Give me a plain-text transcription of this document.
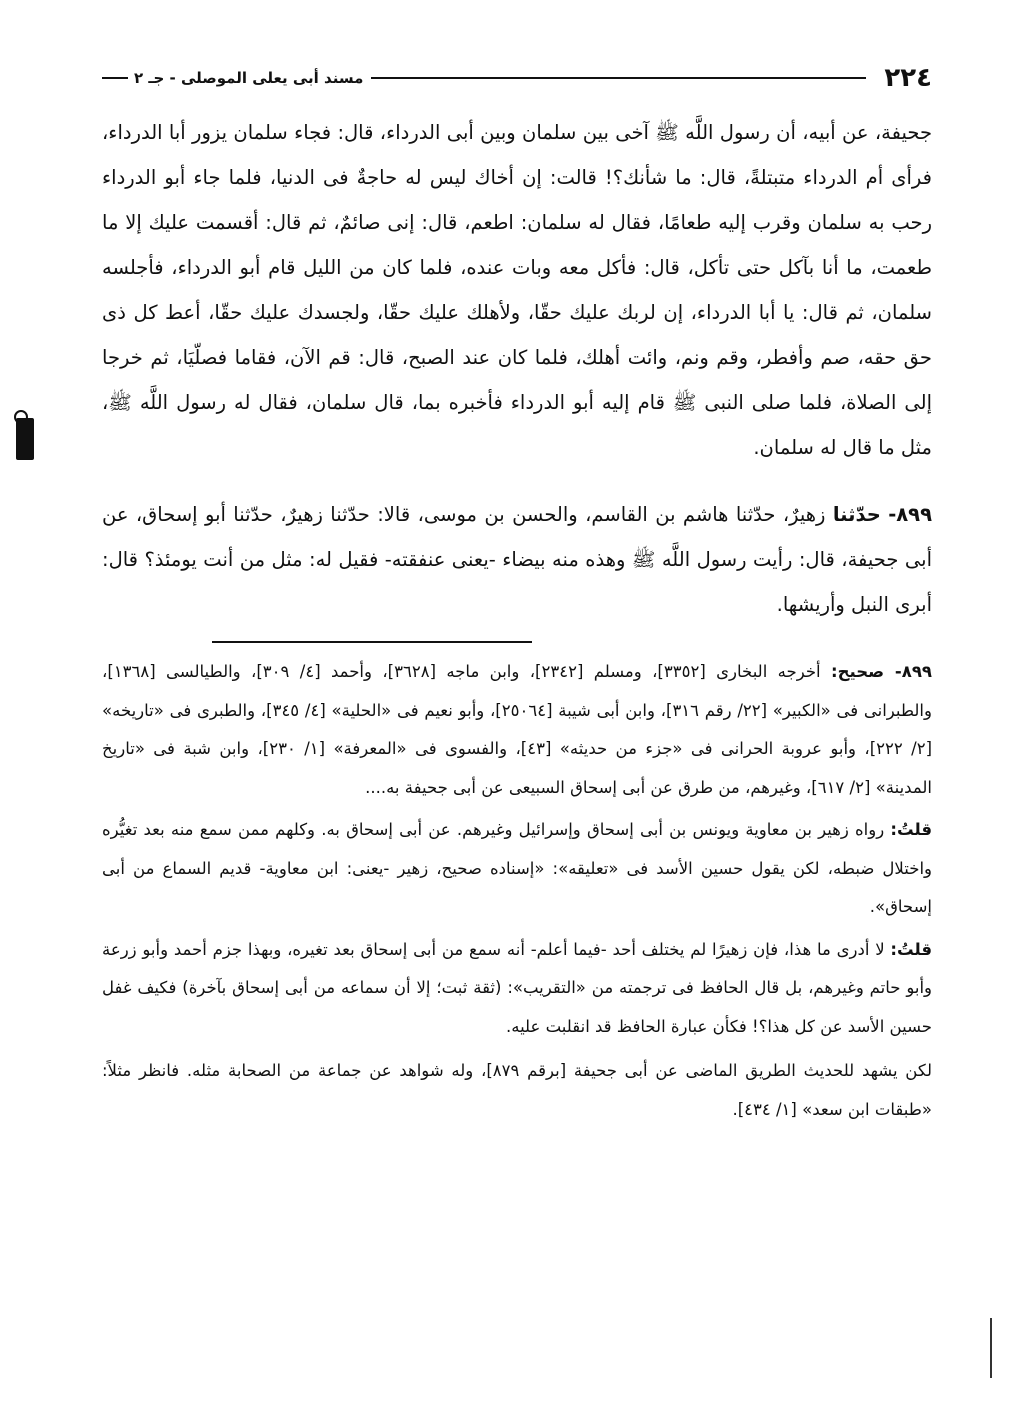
٢٢٤
مسند أبى يعلى الموصلى - جـ ٢

جحيفة، عن أبيه، أن رسول اللَّه ﷺ آخى بين سلمان وبين أبى الدرداء، قال: فجاء سلمان يزور أبا الدرداء، فرأى أم الدرداء متبتلةً، قال: ما شأنك؟! قالت: إن أخاك ليس له حاجةٌ فى الدنيا، فلما جاء أبو الدرداء رحب به سلمان وقرب إليه طعامًا، فقال له سلمان: اطعم، قال: إنى صائمٌ، ثم قال: أقسمت عليك إلا ما طعمت، ما أنا بآكل حتى تأكل، قال: فأكل معه وبات عنده، فلما كان من الليل قام أبو الدرداء، فأجلسه سلمان، ثم قال: يا أبا الدرداء، إن لربك عليك حقّا، ولأهلك عليك حقّا، ولجسدك عليك حقّا، أعط كل ذى حق حقه، صم وأفطر، وقم ونم، وائت أهلك، فلما كان عند الصبح، قال: قم الآن، فقاما فصلّيَا، ثم خرجا إلى الصلاة، فلما صلى النبى ﷺ قام إليه أبو الدرداء فأخبره بما، قال سلمان، فقال له رسول اللَّه ﷺ، مثل ما قال له سلمان.

٨٩٩- حدّثنا زهيرٌ، حدّثنا هاشم بن القاسم، والحسن بن موسى، قالا: حدّثنا زهيرٌ، حدّثنا أبو إسحاق، عن أبى جحيفة، قال: رأيت رسول اللَّه ﷺ وهذه منه بيضاء -يعنى عنفقته- فقيل له: مثل من أنت يومئذ؟ قال: أبرى النبل وأريشها.

٨٩٩- صحيح: أخرجه البخارى [٣٣٥٢]، ومسلم [٢٣٤٢]، وابن ماجه [٣٦٢٨]، وأحمد [٤/ ٣٠٩]، والطيالسى [١٣٦٨]، والطبرانى فى «الكبير» [٢٢/ رقم ٣١٦]، وابن أبى شيبة [٢٥٠٦٤]، وأبو نعيم فى «الحلية» [٤/ ٣٤٥]، والطبرى فى «تاريخه» [٢/ ٢٢٢]، وأبو عروبة الحرانى فى «جزء من حديثه» [٤٣]، والفسوى فى «المعرفة» [١/ ٢٣٠]، وابن شبة فى «تاريخ المدينة» [٢/ ٦١٧]، وغيرهم، من طرق عن أبى إسحاق السبيعى عن أبى جحيفة به....

قلتُ: رواه زهير بن معاوية ويونس بن أبى إسحاق وإسرائيل وغيرهم. عن أبى إسحاق به. وكلهم ممن سمع منه بعد تغيُّره واختلال ضبطه، لكن يقول حسين الأسد فى «تعليقه»: «إسناده صحيح، زهير -يعنى: ابن معاوية- قديم السماع من أبى إسحاق».

قلتُ: لا أدرى ما هذا، فإن زهيرًا لم يختلف أحد -فيما أعلم- أنه سمع من أبى إسحاق بعد تغيره، وبهذا جزم أحمد وأبو زرعة وأبو حاتم وغيرهم، بل قال الحافظ فى ترجمته من «التقريب»: (ثقة ثبت؛ إلا أن سماعه من أبى إسحاق بآخرة) فكيف غفل حسين الأسد عن كل هذا؟! فكأن عبارة الحافظ قد انقلبت عليه.

لكن يشهد للحديث الطريق الماضى عن أبى جحيفة [برقم ٨٧٩]، وله شواهد عن جماعة من الصحابة مثله. فانظر مثلاً: «طبقات ابن سعد» [١/ ٤٣٤].
